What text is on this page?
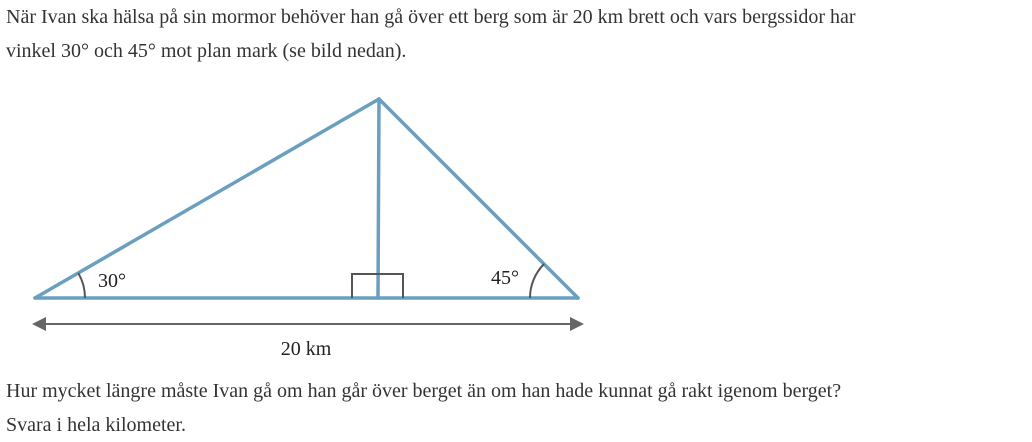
När Ivan ska hälsa på sin mormor behöver han gå över ett berg som är 20 km brett och vars bergssidor har
vinkel 30° och 45° mot plan mark (se bild nedan).
30°	45°
20 km
Hur mycket längre måste Ivan gå om han går över berget än om han hade kunnat gå rakt igenom berget?
Svara i hela kilometer.
